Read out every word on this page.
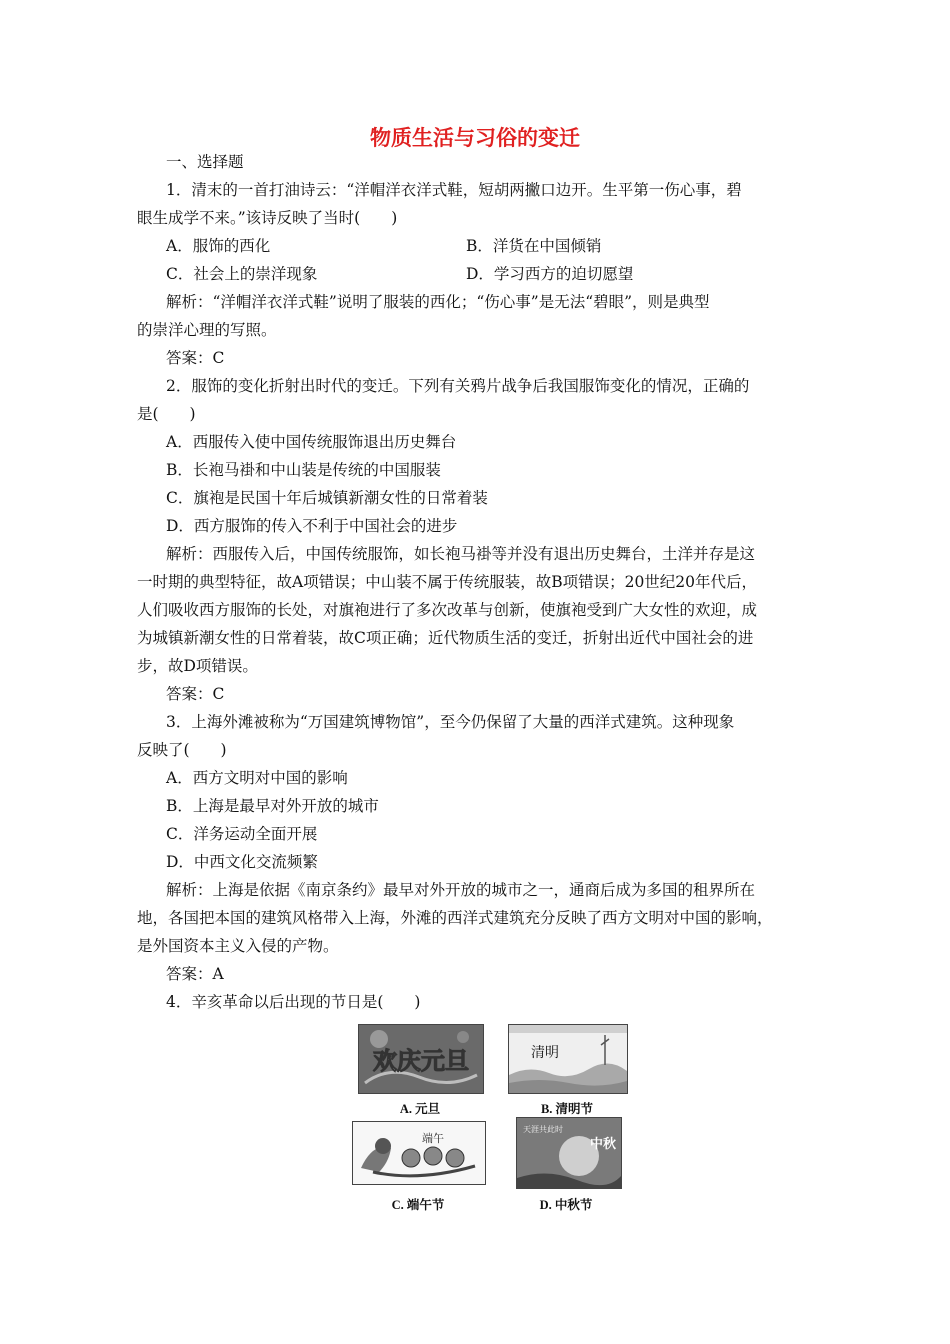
物质生活与习俗的变迁
一、选择题
1．清末的一首打油诗云：“洋帽洋衣洋式鞋，短胡两撇口边开。生平第一伤心事，碧
眼生成学不来。”该诗反映了当时(　　)
A．服饰的西化	B．洋货在中国倾销
C．社会上的崇洋现象	D．学习西方的迫切愿望
解析：“洋帽洋衣洋式鞋”说明了服装的西化；“伤心事”是无法“碧眼”，则是典型
的崇洋心理的写照。
答案：C
2．服饰的变化折射出时代的变迁。下列有关鸦片战争后我国服饰变化的情况，正确的
是(　　)
A．西服传入使中国传统服饰退出历史舞台
B．长袍马褂和中山装是传统的中国服装
C．旗袍是民国十年后城镇新潮女性的日常着装
D．西方服饰的传入不利于中国社会的进步
解析：西服传入后，中国传统服饰，如长袍马褂等并没有退出历史舞台，土洋并存是这
一时期的典型特征，故A项错误；中山装不属于传统服装，故B项错误；20世纪20年代后，
人们吸收西方服饰的长处，对旗袍进行了多次改革与创新，使旗袍受到广大女性的欢迎，成
为城镇新潮女性的日常着装，故C项正确；近代物质生活的变迁，折射出近代中国社会的进
步，故D项错误。
答案：C
3．上海外滩被称为“万国建筑博物馆”，至今仍保留了大量的西洋式建筑。这种现象
反映了(　　)
A．西方文明对中国的影响
B．上海是最早对外开放的城市
C．洋务运动全面开展
D．中西文化交流频繁
解析：上海是依据《南京条约》最早对外开放的城市之一，通商后成为多国的租界所在
地，各国把本国的建筑风格带入上海，外滩的西洋式建筑充分反映了西方文明对中国的影响，
是外国资本主义入侵的产物。
答案：A
4．辛亥革命以后出现的节日是(　　)
欢庆元旦
A. 元旦
清明
B. 清明节
端午
C. 端午节
天涯共此时
中秋
D. 中秋节
